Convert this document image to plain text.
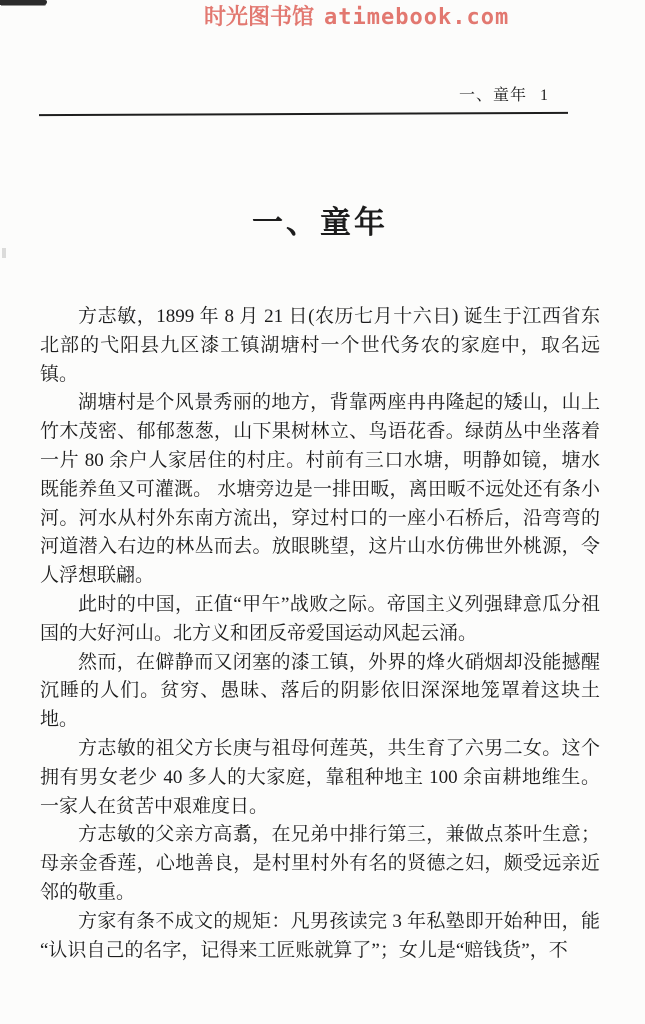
时光图书馆 atimebook.com
一、童年 1
一、童年

方志敏，1899 年 8 月 21 日(农历七月十六日) 诞生于江西省东北部的弋阳县九区漆工镇湖塘村一个世代务农的家庭中，取名远镇。

湖塘村是个风景秀丽的地方，背靠两座冉冉隆起的矮山，山上竹木茂密、郁郁葱葱，山下果树林立、鸟语花香。绿荫丛中坐落着一片 80 余户人家居住的村庄。村前有三口水塘，明静如镜，塘水既能养鱼又可灌溉。 水塘旁边是一排田畈，离田畈不远处还有条小河。河水从村外东南方流出，穿过村口的一座小石桥后，沿弯弯的河道潜入右边的林丛而去。放眼眺望，这片山水仿佛世外桃源，令人浮想联翩。

此时的中国，正值“甲午”战败之际。帝国主义列强肆意瓜分祖国的大好河山。北方义和团反帝爱国运动风起云涌。

然而，在僻静而又闭塞的漆工镇，外界的烽火硝烟却没能撼醒沉睡的人们。贫穷、愚昧、落后的阴影依旧深深地笼罩着这块土地。

方志敏的祖父方长庚与祖母何莲英，共生育了六男二女。这个拥有男女老少 40 多人的大家庭，靠租种地主 100 余亩耕地维生。一家人在贫苦中艰难度日。

方志敏的父亲方高翥，在兄弟中排行第三，兼做点茶叶生意；母亲金香莲，心地善良，是村里村外有名的贤德之妇，颇受远亲近邻的敬重。

方家有条不成文的规矩：凡男孩读完 3 年私塾即开始种田，能“认识自己的名字，记得来工匠账就算了”；女儿是“赔钱货”，不
